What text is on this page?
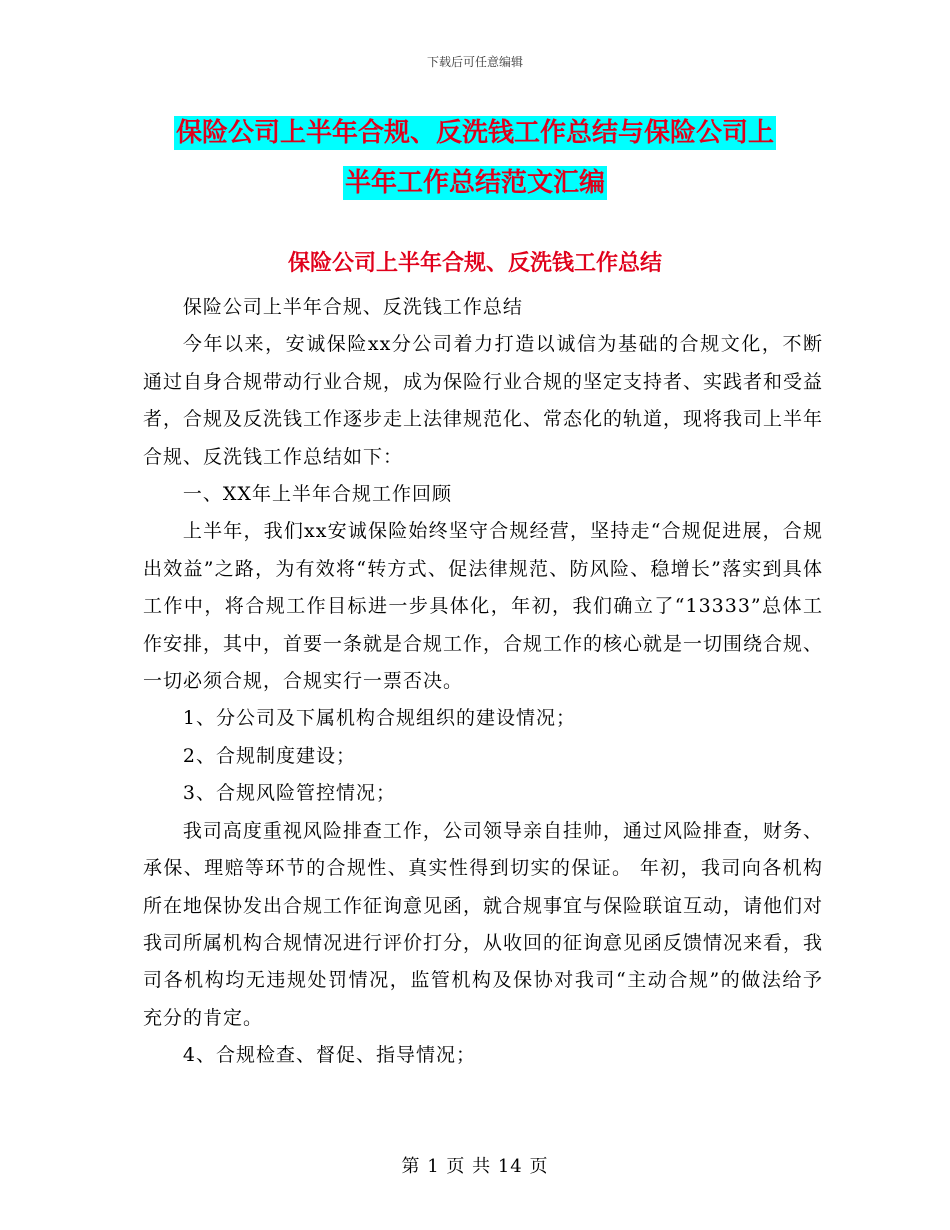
下载后可任意编辑
保险公司上半年合规、反洗钱工作总结与保险公司上
半年工作总结范文汇编
保险公司上半年合规、反洗钱工作总结

保险公司上半年合规、反洗钱工作总结

今年以来，安诚保险xx分公司着力打造以诚信为基础的合规文化，不断通过自身合规带动行业合规，成为保险行业合规的坚定支持者、实践者和受益者，合规及反洗钱工作逐步走上法律规范化、常态化的轨道，现将我司上半年合规、反洗钱工作总结如下：

一、XX年上半年合规工作回顾

上半年，我们xx安诚保险始终坚守合规经营，坚持走“合规促进展，合规出效益”之路，为有效将“转方式、促法律规范、防风险、稳增长”落实到具体工作中，将合规工作目标进一步具体化，年初，我们确立了“13333”总体工作安排，其中，首要一条就是合规工作，合规工作的核心就是一切围绕合规、一切必须合规，合规实行一票否决。

1、分公司及下属机构合规组织的建设情况；

2、合规制度建设；

3、合规风险管控情况；

我司高度重视风险排查工作，公司领导亲自挂帅，通过风险排查，财务、承保、理赔等环节的合规性、真实性得到切实的保证。 年初，我司向各机构所在地保协发出合规工作征询意见函，就合规事宜与保险联谊互动，请他们对我司所属机构合规情况进行评价打分，从收回的征询意见函反馈情况来看，我司各机构均无违规处罚情况，监管机构及保协对我司“主动合规”的做法给予充分的肯定。

4、合规检查、督促、指导情况；

第 1 页 共 14 页
